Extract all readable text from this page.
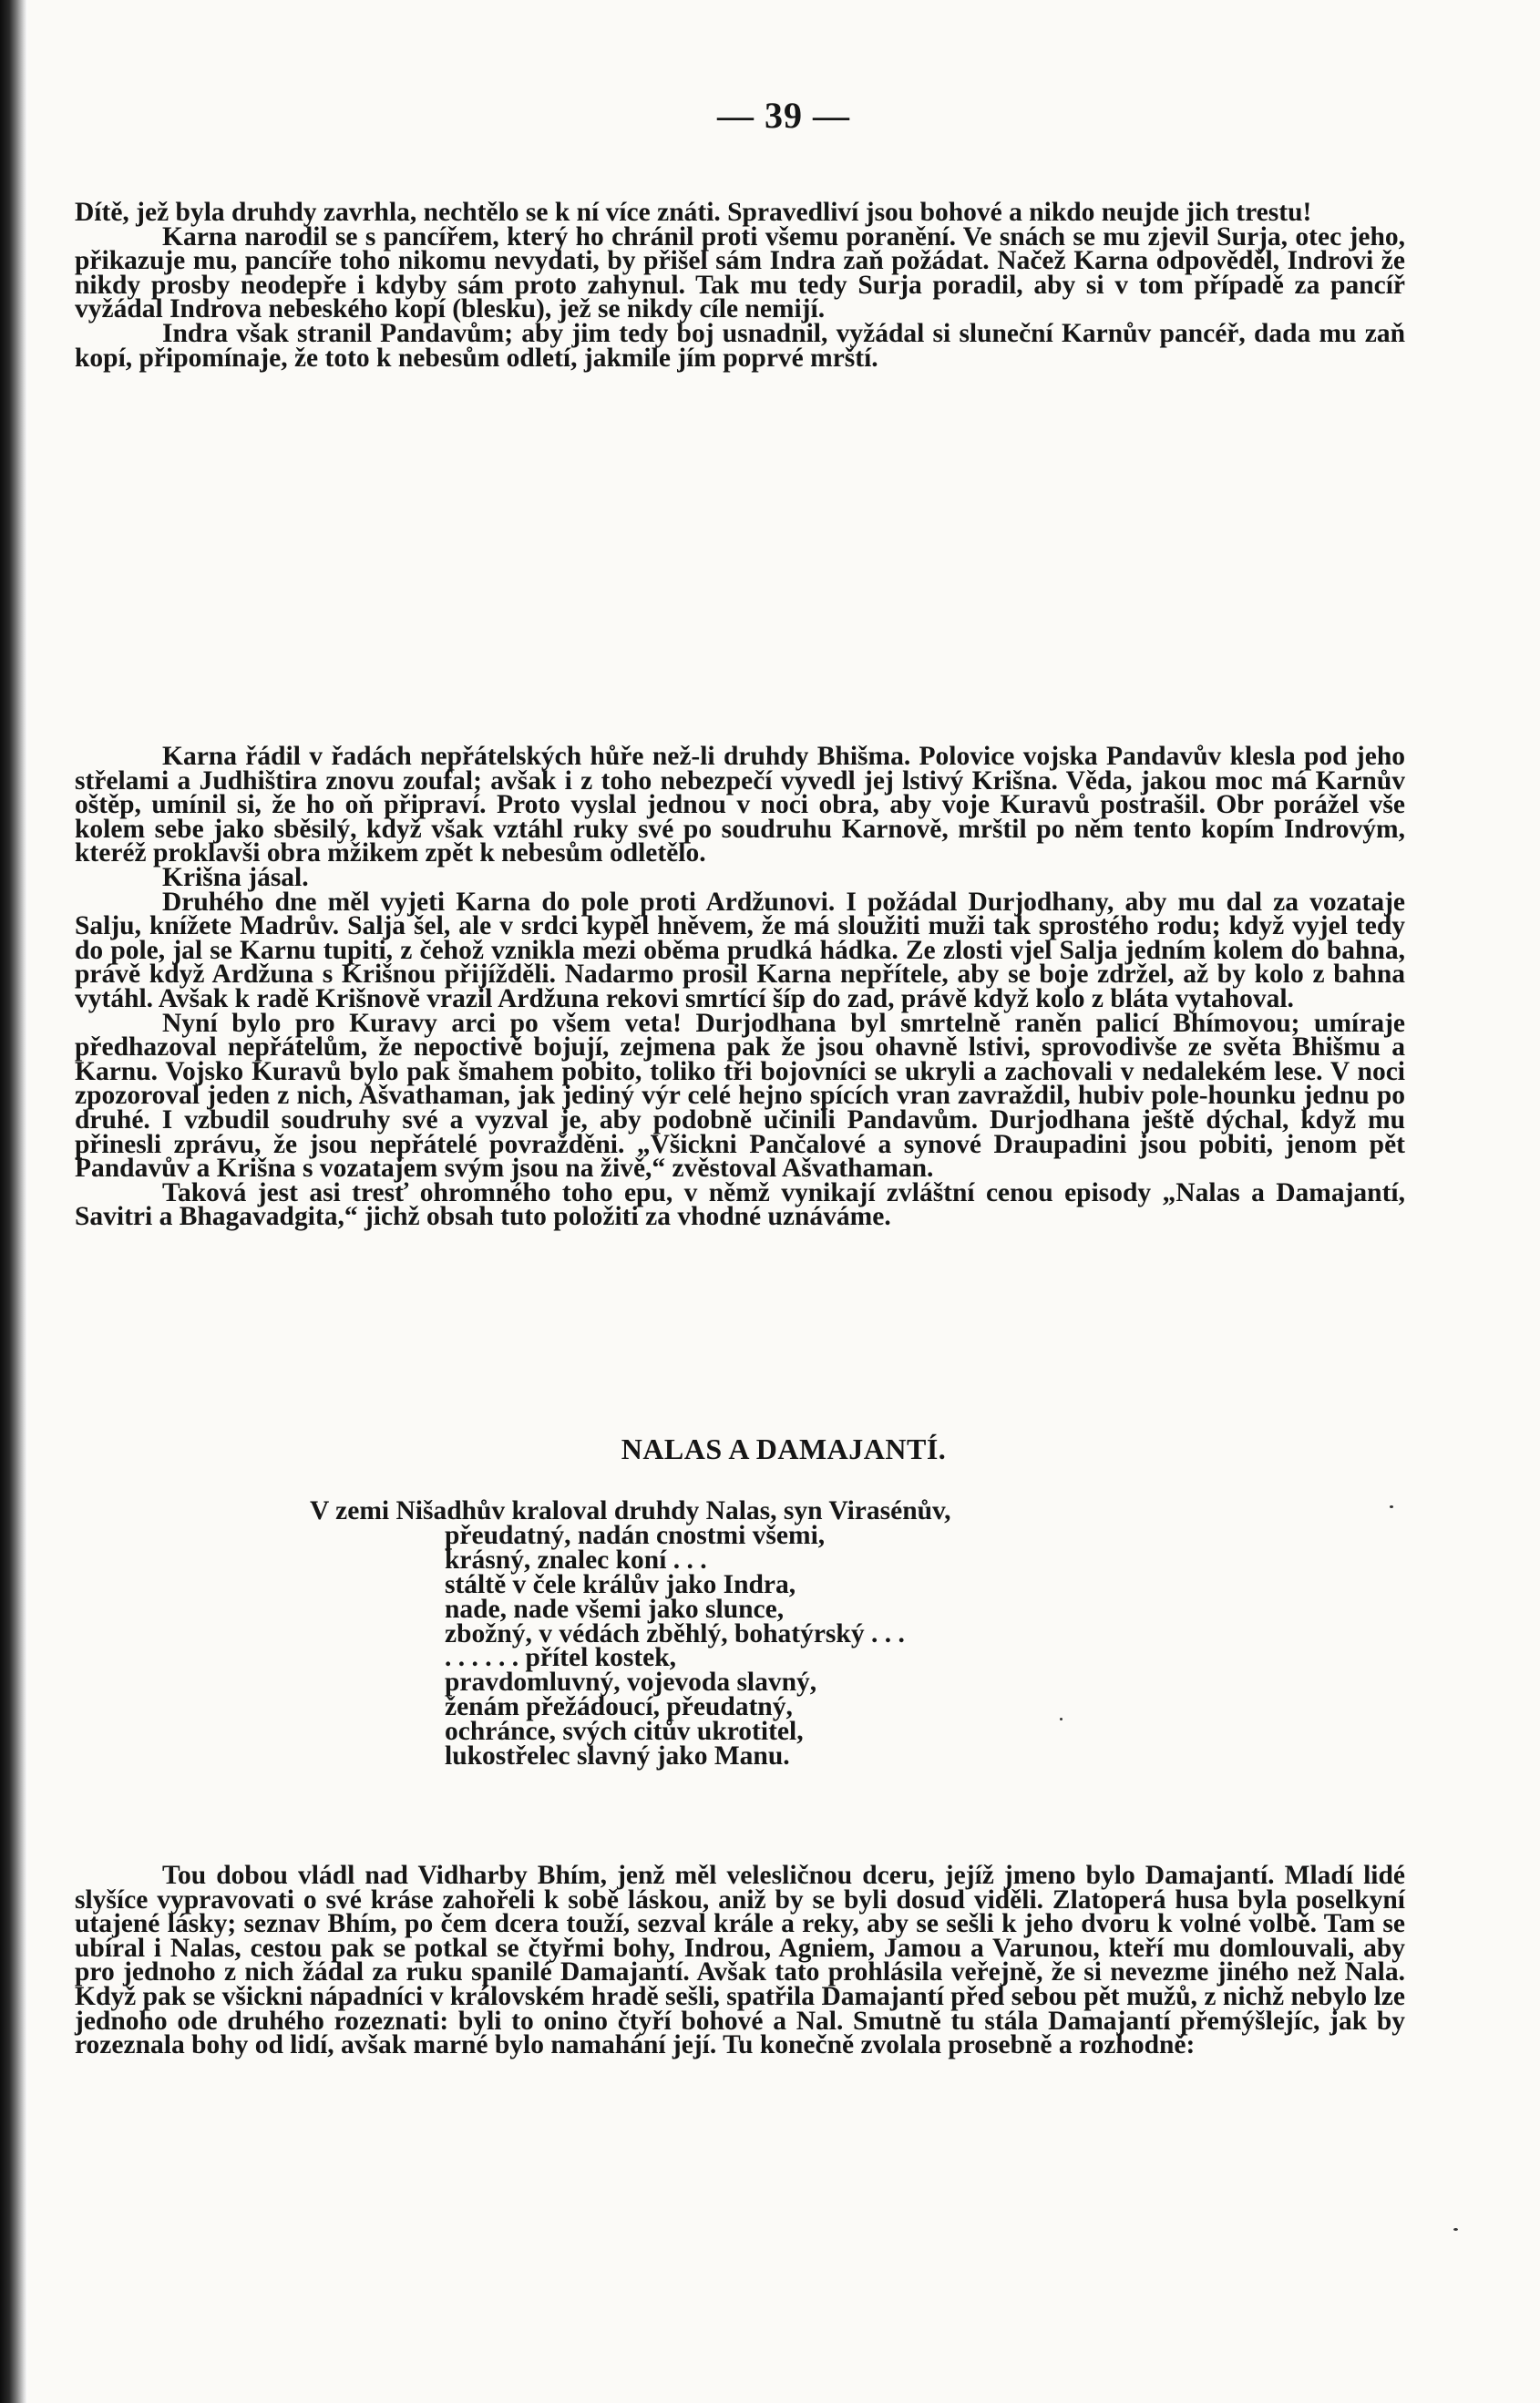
— 39 —

Dítě, jež byla druhdy zavrhla, nechtělo se k ní více znáti. Spravedliví jsou bohové a nikdo neujde jich trestu!

Karna narodil se s pancířem, který ho chránil proti všemu poranění. Ve snách se mu zjevil Surja, otec jeho, přikazuje mu, pancíře toho nikomu nevydati, by přišel sám Indra zaň požádat. Načež Karna odpověděl, Indrovi že nikdy prosby neodepře i kdyby sám proto zahynul. Tak mu tedy Surja poradil, aby si v tom případě za pancíř vyžádal Indrova nebeského kopí (blesku), jež se nikdy cíle nemijí.

Indra však stranil Pandavům; aby jim tedy boj usnadnil, vyžádal si sluneční Karnův pancéř, dada mu zaň kopí, připomínaje, že toto k nebesům odletí, jakmile jím poprvé mrští.

Karna řádil v řadách nepřátelských hůře než-li druhdy Bhišma. Polovice vojska Pandavův klesla pod jeho střelami a Judhištira znovu zoufal; avšak i z toho nebezpečí vyvedl jej lstivý Krišna. Věda, jakou moc má Karnův oštěp, umínil si, že ho oň připraví. Proto vyslal jednou v noci obra, aby voje Kuravů postrašil. Obr porážel vše kolem sebe jako sběsilý, když však vztáhl ruky své po soudruhu Karnově, mrštil po něm tento kopím Indrovým, kteréž proklavši obra mžikem zpět k nebesům odletělo.

Krišna jásal.

Druhého dne měl vyjeti Karna do pole proti Ardžunovi. I požádal Durjodhany, aby mu dal za vozataje Salju, knížete Madrův. Salja šel, ale v srdci kypěl hněvem, že má sloužiti muži tak sprostého rodu; když vyjel tedy do pole, jal se Karnu tupiti, z čehož vznikla mezi oběma prudká hádka. Ze zlosti vjel Salja jedním kolem do bahna, právě když Ardžuna s Krišnou přijížděli. Nadarmo prosil Karna nepřítele, aby se boje zdržel, až by kolo z bahna vytáhl. Avšak k radě Krišnově vrazil Ardžuna rekovi smrtící šíp do zad, právě když kolo z bláta vytahoval.

Nyní bylo pro Kuravy arci po všem veta! Durjodhana byl smrtelně raněn palicí Bhímovou; umíraje předhazoval nepřátelům, že nepoctivě bojují, zejmena pak že jsou ohavně lstivi, sprovodivše ze světa Bhišmu a Karnu. Vojsko Kuravů bylo pak šmahem pobito, toliko tři bojovníci se ukryli a zachovali v nedalekém lese. V noci zpozoroval jeden z nich, Ašvathaman, jak jediný výr celé hejno spících vran zavraždil, hubiv pole-hounku jednu po druhé. I vzbudil soudruhy své a vyzval je, aby podobně učinili Pandavům. Durjodhana ještě dýchal, když mu přinesli zprávu, že jsou nepřátelé povražděni. „Všickni Pančalové a synové Draupadini jsou pobiti, jenom pět Pandavův a Krišna s vozatajem svým jsou na živě,“ zvěstoval Ašvathaman.

Taková jest asi tresť ohromného toho epu, v němž vynikají zvláštní cenou episody „Nalas a Damajantí, Savitri a Bhagavadgita,“ jichž obsah tuto položiti za vhodné uznáváme.

NALAS A DAMAJANTÍ.
V zemi Nišadhův kraloval druhdy Nalas, syn Virasénův,
přeudatný, nadán cnostmi všemi,
krásný, znalec koní . . .
stáltě v čele králův jako Indra,
nade, nade všemi jako slunce,
zbožný, v védách zběhlý, bohatýrský . . .
. . . . . . přítel kostek,
pravdomluvný, vojevoda slavný,
ženám přežádoucí, přeudatný,
ochránce, svých citův ukrotitel,
lukostřelec slavný jako Manu.

Tou dobou vládl nad Vidharby Bhím, jenž měl velesličnou dceru, jejíž jmeno bylo Damajantí. Mladí lidé slyšíce vypravovati o své kráse zahořeli k sobě láskou, aniž by se byli dosud viděli. Zlatoperá husa byla poselkyní utajené lásky; seznav Bhím, po čem dcera touží, sezval krále a reky, aby se sešli k jeho dvoru k volné volbě. Tam se ubíral i Nalas, cestou pak se potkal se čtyřmi bohy, Indrou, Agniem, Jamou a Varunou, kteří mu domlouvali, aby pro jednoho z nich žádal za ruku spanilé Damajantí. Avšak tato prohlásila veřejně, že si nevezme jiného než Nala. Když pak se všickni nápadníci v královském hradě sešli, spatřila Damajantí před sebou pět mužů, z nichž nebylo lze jednoho ode druhého rozeznati: byli to onino čtyří bohové a Nal. Smutně tu stála Damajantí přemýšlejíc, jak by rozeznala bohy od lidí, avšak marné bylo namahání její. Tu konečně zvolala prosebně a rozhodně:
